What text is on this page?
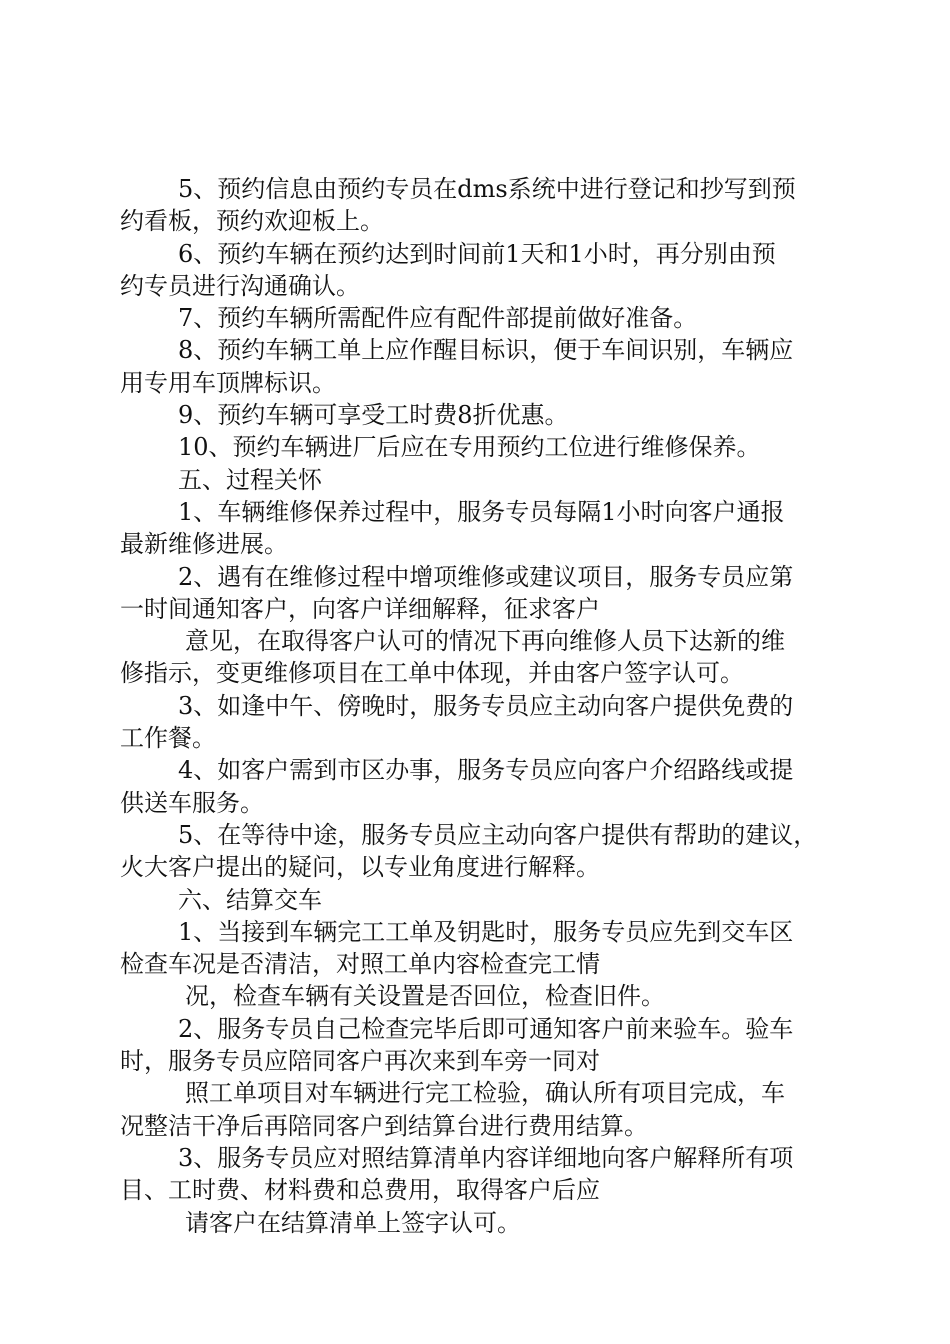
5、预约信息由预约专员在dms系统中进行登记和抄写到预
约看板，预约欢迎板上。
6、预约车辆在预约达到时间前1天和1小时，再分别由预
约专员进行沟通确认。
7、预约车辆所需配件应有配件部提前做好准备。
8、预约车辆工单上应作醒目标识，便于车间识别，车辆应
用专用车顶牌标识。
9、预约车辆可享受工时费8折优惠。
10、预约车辆进厂后应在专用预约工位进行维修保养。
五、过程关怀
1、车辆维修保养过程中，服务专员每隔1小时向客户通报
最新维修进展。
2、遇有在维修过程中增项维修或建议项目，服务专员应第
一时间通知客户，向客户详细解释，征求客户
意见，在取得客户认可的情况下再向维修人员下达新的维
修指示，变更维修项目在工单中体现，并由客户签字认可。
3、如逢中午、傍晚时，服务专员应主动向客户提供免费的
工作餐。
4、如客户需到市区办事，服务专员应向客户介绍路线或提
供送车服务。
5、在等待中途，服务专员应主动向客户提供有帮助的建议，
火大客户提出的疑问，以专业角度进行解释。
六、结算交车
1、当接到车辆完工工单及钥匙时，服务专员应先到交车区
检查车况是否清洁，对照工单内容检查完工情
况，检查车辆有关设置是否回位，检查旧件。
2、服务专员自己检查完毕后即可通知客户前来验车。验车
时，服务专员应陪同客户再次来到车旁一同对
照工单项目对车辆进行完工检验，确认所有项目完成，车
况整洁干净后再陪同客户到结算台进行费用结算。
3、服务专员应对照结算清单内容详细地向客户解释所有项
目、工时费、材料费和总费用，取得客户后应
请客户在结算清单上签字认可。
